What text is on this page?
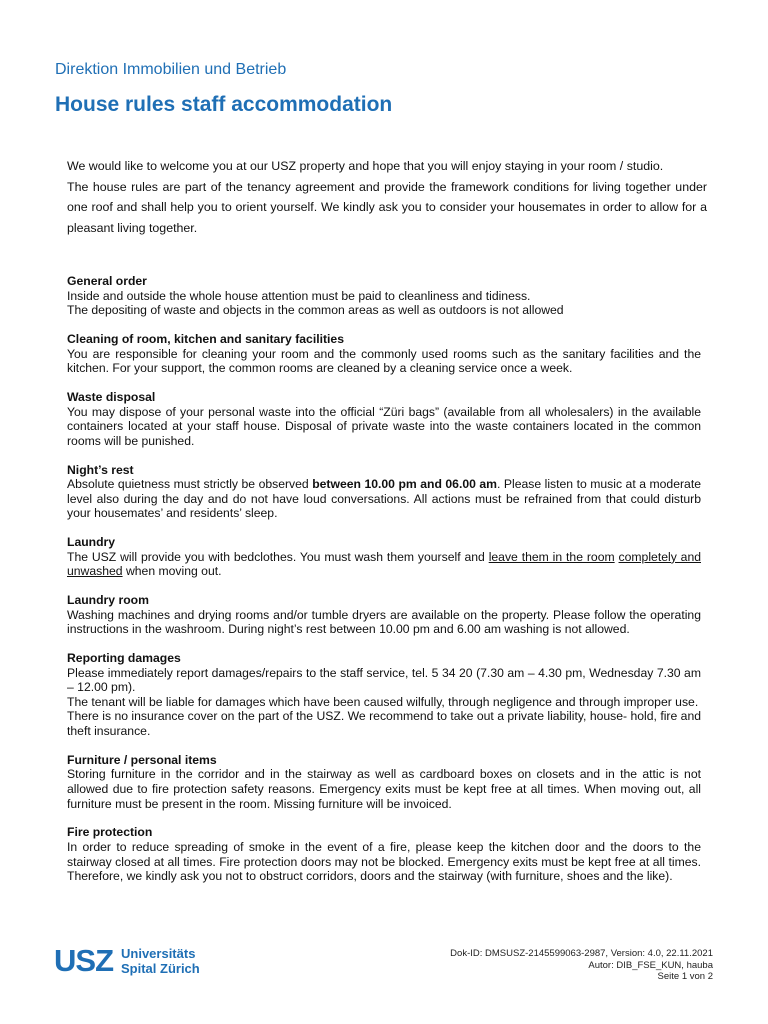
Direktion Immobilien und Betrieb
House rules staff accommodation

We would like to welcome you at our USZ property and hope that you will enjoy staying in your room / studio.

The house rules are part of the tenancy agreement and provide the framework conditions for living together under one roof and shall help you to orient yourself. We kindly ask you to consider your housemates in order to allow for a pleasant living together.

General order

Inside and outside the whole house attention must be paid to cleanliness and tidiness.

The depositing of waste and objects in the common areas as well as outdoors is not allowed

Cleaning of room, kitchen and sanitary facilities

You are responsible for cleaning your room and the commonly used rooms such as the sanitary facilities and the kitchen. For your support, the common rooms are cleaned by a cleaning service once a week.

Waste disposal

You may dispose of your personal waste into the official “Züri bags” (available from all wholesalers) in the available containers located at your staff house. Disposal of private waste into the waste containers located in the common rooms will be punished.

Night’s rest

Absolute quietness must strictly be observed between 10.00 pm and 06.00 am. Please listen to music at a moderate level also during the day and do not have loud conversations. All actions must be refrained from that could disturb your housemates’ and residents’ sleep.

Laundry

The USZ will provide you with bedclothes. You must wash them yourself and leave them in the room completely and unwashed when moving out.

Laundry room

Washing machines and drying rooms and/or tumble dryers are available on the property. Please follow the operating instructions in the washroom. During night’s rest between 10.00 pm and 6.00 am washing is not allowed.

Reporting damages

Please immediately report damages/repairs to the staff service, tel. 5 34 20 (7.30 am – 4.30 pm, Wednesday 7.30 am – 12.00 pm).

The tenant will be liable for damages which have been caused wilfully, through negligence and through improper use.

There is no insurance cover on the part of the USZ. We recommend to take out a private liability, house- hold, fire and theft insurance.

Furniture / personal items

Storing furniture in the corridor and in the stairway as well as cardboard boxes on closets and in the attic is not allowed due to fire protection safety reasons. Emergency exits must be kept free at all times. When moving out, all furniture must be present in the room. Missing furniture will be invoiced.

Fire protection

In order to reduce spreading of smoke in the event of a fire, please keep the kitchen door and the doors to the stairway closed at all times. Fire protection doors may not be blocked. Emergency exits must be kept free at all times. Therefore, we kindly ask you not to obstruct corridors, doors and the stairway (with furniture, shoes and the like).

USZ Universitäts
Spital Zürich
Dok-ID: DMSUSZ-2145599063-2987, Version: 4.0, 22.11.2021
Autor: DIB_FSE_KUN, hauba
Seite 1 von 2
